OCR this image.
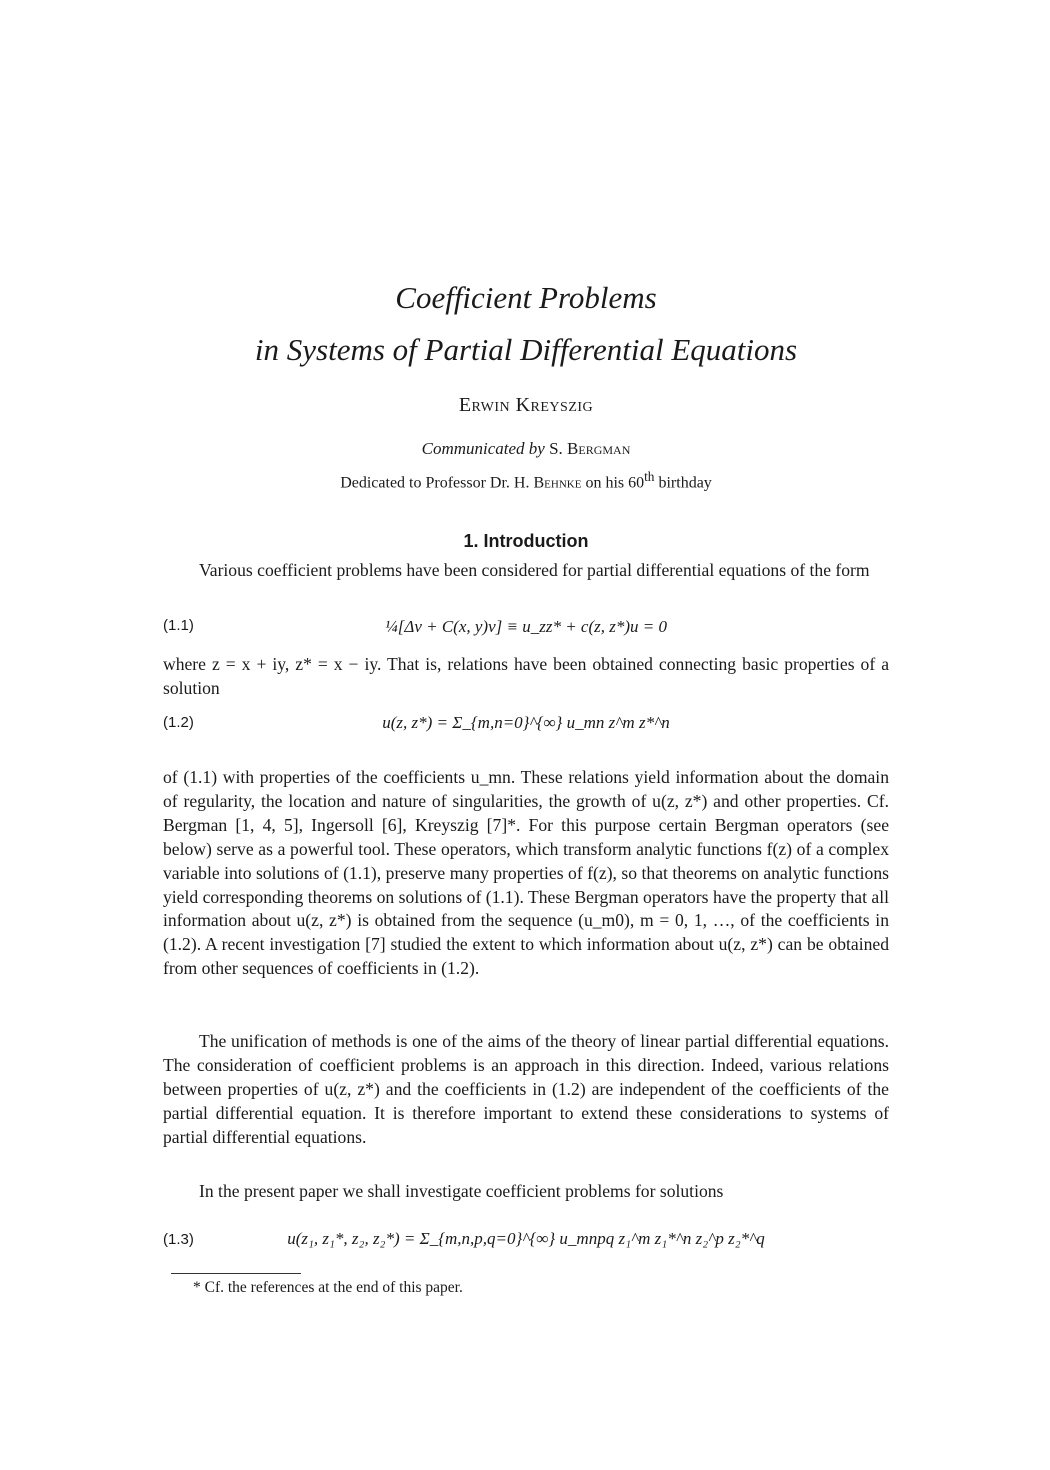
Coefficient Problems
in Systems of Partial Differential Equations
Erwin Kreyszig
Communicated by S. Bergman
Dedicated to Professor Dr. H. Behnke on his 60th birthday
1. Introduction

Various coefficient problems have been considered for partial differential equations of the form

(1.1)	¼[Δv + C(x, y)v] ≡ u_zz* + c(z, z*)u = 0

where z = x + iy, z* = x − iy. That is, relations have been obtained connecting basic properties of a solution

(1.2)	u(z, z*) = Σ_{m,n=0}^{∞} u_mn z^m z*^n

of (1.1) with properties of the coefficients u_mn. These relations yield information about the domain of regularity, the location and nature of singularities, the growth of u(z, z*) and other properties. Cf. Bergman [1, 4, 5], Ingersoll [6], Kreyszig [7]*. For this purpose certain Bergman operators (see below) serve as a powerful tool. These operators, which transform analytic functions f(z) of a complex variable into solutions of (1.1), preserve many properties of f(z), so that theorems on analytic functions yield corresponding theorems on solutions of (1.1). These Bergman operators have the property that all information about u(z, z*) is obtained from the sequence (u_m0), m = 0, 1, …, of the coefficients in (1.2). A recent investigation [7] studied the extent to which information about u(z, z*) can be obtained from other sequences of coefficients in (1.2).

The unification of methods is one of the aims of the theory of linear partial differential equations. The consideration of coefficient problems is an approach in this direction. Indeed, various relations between properties of u(z, z*) and the coefficients in (1.2) are independent of the coefficients of the partial differential equation. It is therefore important to extend these considerations to systems of partial differential equations.

In the present paper we shall investigate coefficient problems for solutions

(1.3)	u(z₁, z₁*, z₂, z₂*) = Σ_{m,n,p,q=0}^{∞} u_mnpq z₁^m z₁*^n z₂^p z₂*^q
* Cf. the references at the end of this paper.
